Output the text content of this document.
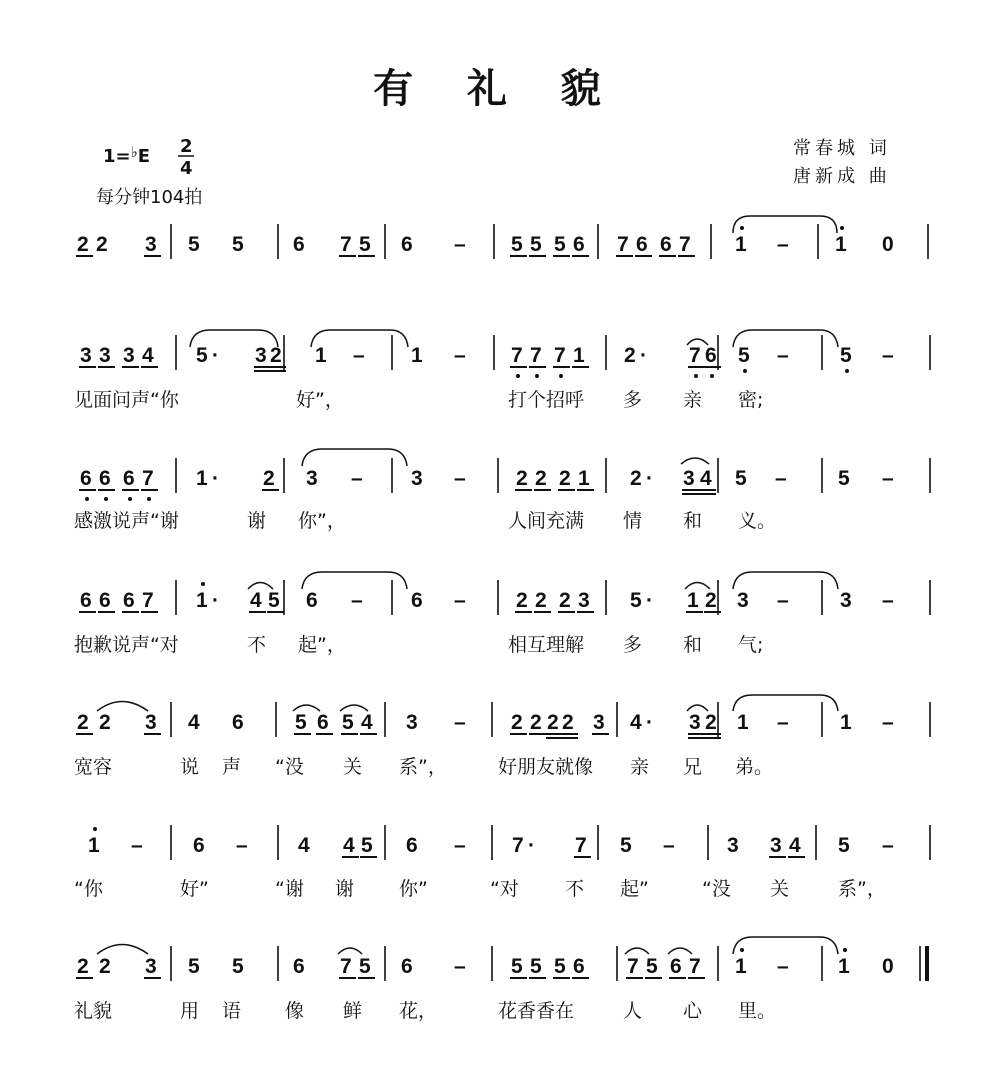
有 礼 貌
1=♭E 2
4
每分钟104拍
常春城 词
唐新成 曲
2 2 3 5 5 6 7 5 6 – 5 5 5 6 7 6 6 7 1 – 1 0
3 3 3 4 5 · 3 2 1 – 1 – 7 7 7 1 2 · 7 6 5 – 5 –
见面问声“你	好”，	打个招呼 多 亲 密;
6 6 6 7 1 · 2 3 – 3 – 2 2 2 1 2 · 3 4 5 – 5 –
感激说声“谢	谢 你”，	人间充满 情 和 义。
6 6 6 7 1 · 4 5 6 – 6 – 2 2 2 3 5 · 1 2 3 – 3 –
抱歉说声“对	不 起”，	相互理解 多 和 气;
2 2 3 4 6 5 6 5 4 3 – 2 2 2 2 3 4 · 3 2 1 – 1 –
宽容	说 声 “没 关 系”，	好朋友就像 亲 兄 弟。
1 – 6 – 4 4 5 6 – 7 · 7 5 – 3 3 4 5 –
“你	好”	“谢 谢 你”	“对 不 起”	“没 关	系”，
2 2 3 5 5 6 7 5 6 – 5 5 5 6 7 5 6 7 1 – 1 0
礼貌	用 语 像 鲜 花，	花香香在	人 心 里。
